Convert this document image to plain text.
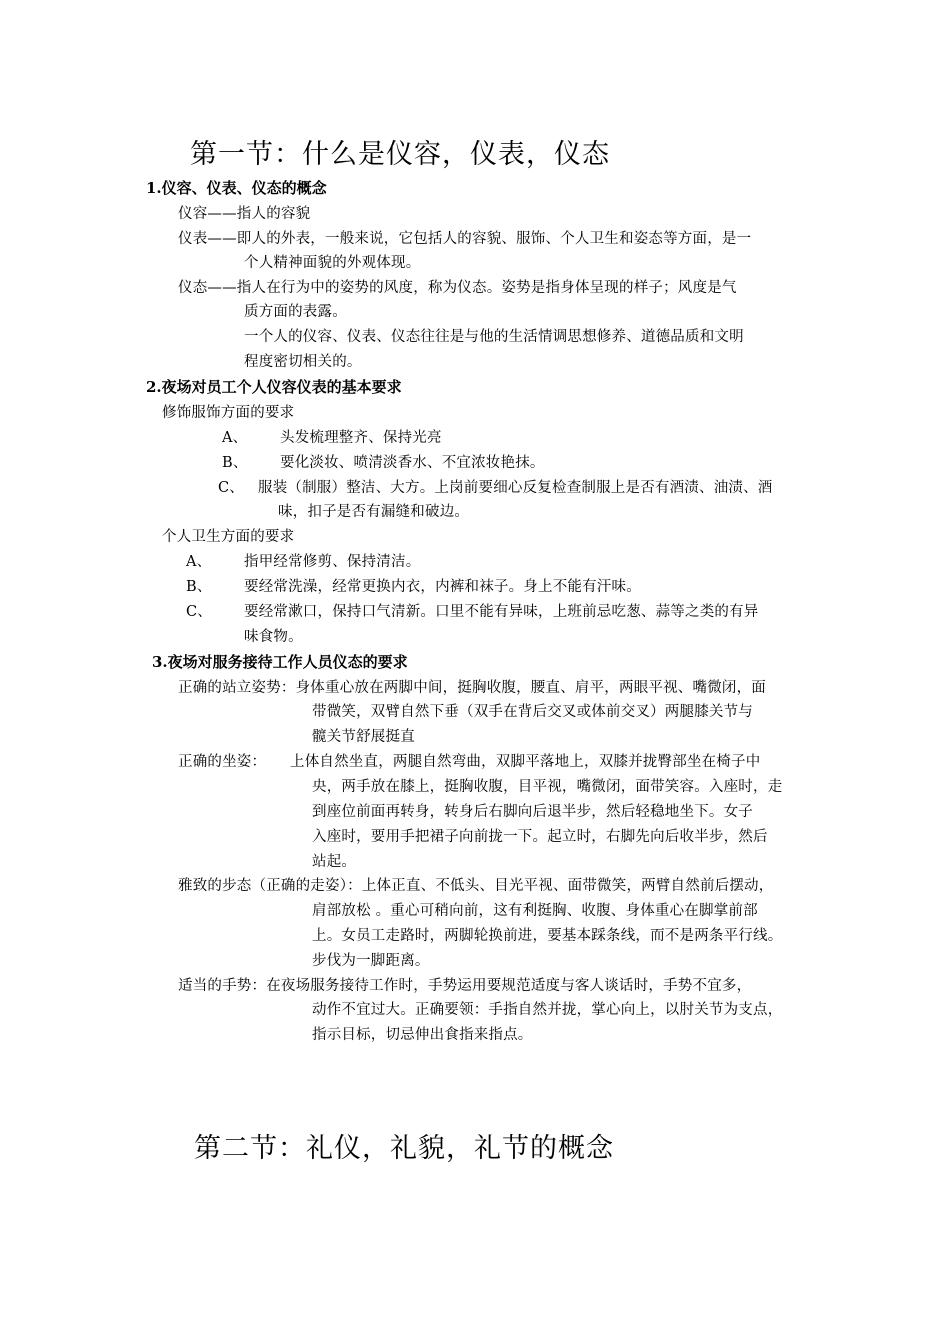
第一节：什么是仪容，仪表，仪态
1.仪容、仪表、仪态的概念
仪容——指人的容貌
仪表——即人的外表，一般来说，它包括人的容貌、服饰、个人卫生和姿态等方面，是一
个人精神面貌的外观体现。
仪态——指人在行为中的姿势的风度，称为仪态。姿势是指身体呈现的样子；风度是气
质方面的表露。
一个人的仪容、仪表、仪态往往是与他的生活情调思想修养、道德品质和文明
程度密切相关的。
2.夜场对员工个人仪容仪表的基本要求
修饰服饰方面的要求
A、 头发梳理整齐、保持光亮
B、 要化淡妆、喷清淡香水、不宜浓妆艳抹。
C、 服装（制服）整洁、大方。上岗前要细心反复检查制服上是否有酒渍、油渍、酒
味，扣子是否有漏缝和破边。
个人卫生方面的要求
A、 指甲经常修剪、保持清洁。
B、 要经常洗澡，经常更换内衣，内裤和袜子。身上不能有汗味。
C、 要经常漱口，保持口气清新。口里不能有异味，上班前忌吃葱、蒜等之类的有异
味食物。
3.夜场对服务接待工作人员仪态的要求
正确的站立姿势：身体重心放在两脚中间，挺胸收腹，腰直、肩平，两眼平视、嘴微闭，面
带微笑，双臂自然下垂（双手在背后交叉或体前交叉）两腿膝关节与
髋关节舒展挺直
正确的坐姿： 上体自然坐直，两腿自然弯曲，双脚平落地上，双膝并拢臀部坐在椅子中
央，两手放在膝上，挺胸收腹，目平视，嘴微闭，面带笑容。入座时，走
到座位前面再转身，转身后右脚向后退半步，然后轻稳地坐下。女子
入座时，要用手把裙子向前拢一下。起立时，右脚先向后收半步，然后
站起。
雅致的步态（正确的走姿）：上体正直、不低头、目光平视、面带微笑，两臂自然前后摆动，
肩部放松 。重心可稍向前，这有利挺胸、收腹、身体重心在脚掌前部
上。女员工走路时，两脚轮换前进，要基本踩条线，而不是两条平行线。
步伐为一脚距离。
适当的手势：在夜场服务接待工作时，手势运用要规范适度与客人谈话时，手势不宜多，
动作不宜过大。正确要领：手指自然并拢，掌心向上，以肘关节为支点，
指示目标，切忌伸出食指来指点。
第二节：礼仪，礼貌，礼节的概念
